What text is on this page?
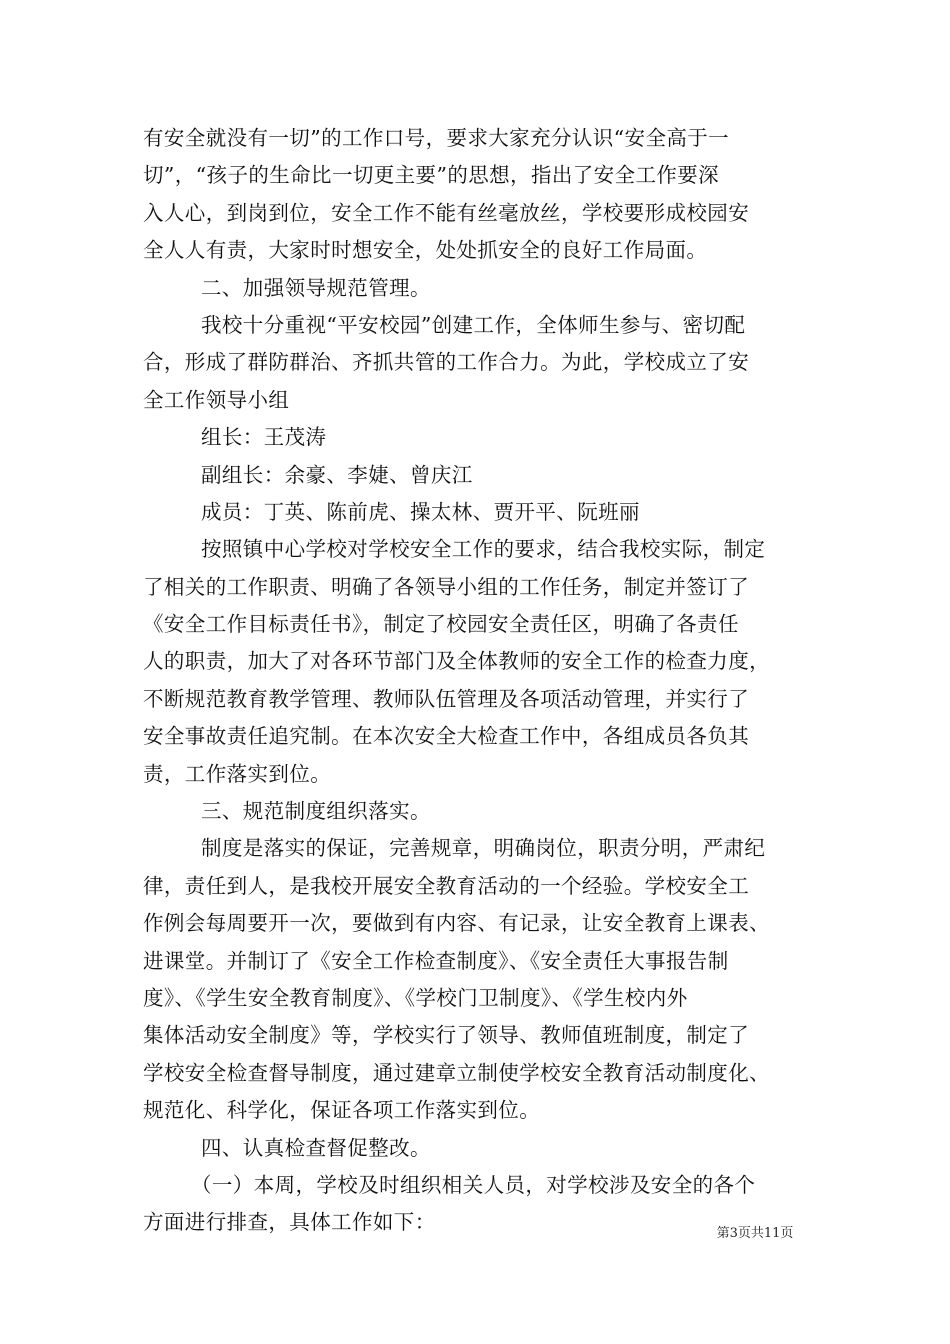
有安全就没有一切”的工作口号，要求大家充分认识“安全高于一
切”，“孩子的生命比一切更主要”的思想，指出了安全工作要深
入人心，到岗到位，安全工作不能有丝毫放丝，学校要形成校园安
全人人有责，大家时时想安全，处处抓安全的良好工作局面。
二、加强领导规范管理。
我校十分重视“平安校园”创建工作，全体师生参与、密切配
合，形成了群防群治、齐抓共管的工作合力。为此，学校成立了安
全工作领导小组
组长：王茂涛
副组长：余豪、李婕、曾庆江
成员：丁英、陈前虎、操太林、贾开平、阮班丽
按照镇中心学校对学校安全工作的要求，结合我校实际，制定
了相关的工作职责、明确了各领导小组的工作任务，制定并签订了
《安全工作目标责任书》，制定了校园安全责任区，明确了各责任
人的职责，加大了对各环节部门及全体教师的安全工作的检查力度，
不断规范教育教学管理、教师队伍管理及各项活动管理，并实行了
安全事故责任追究制。在本次安全大检查工作中，各组成员各负其
责，工作落实到位。
三、规范制度组织落实。
制度是落实的保证，完善规章，明确岗位，职责分明，严肃纪
律，责任到人，是我校开展安全教育活动的一个经验。学校安全工
作例会每周要开一次，要做到有内容、有记录，让安全教育上课表、
进课堂。并制订了《安全工作检查制度》、《安全责任大事报告制
度》、《学生安全教育制度》、《学校门卫制度》、《学生校内外
集体活动安全制度》等，学校实行了领导、教师值班制度，制定了
学校安全检查督导制度，通过建章立制使学校安全教育活动制度化、
规范化、科学化，保证各项工作落实到位。
四、认真检查督促整改。
（一）本周，学校及时组织相关人员，对学校涉及安全的各个
方面进行排查，具体工作如下：	第3页共11页
